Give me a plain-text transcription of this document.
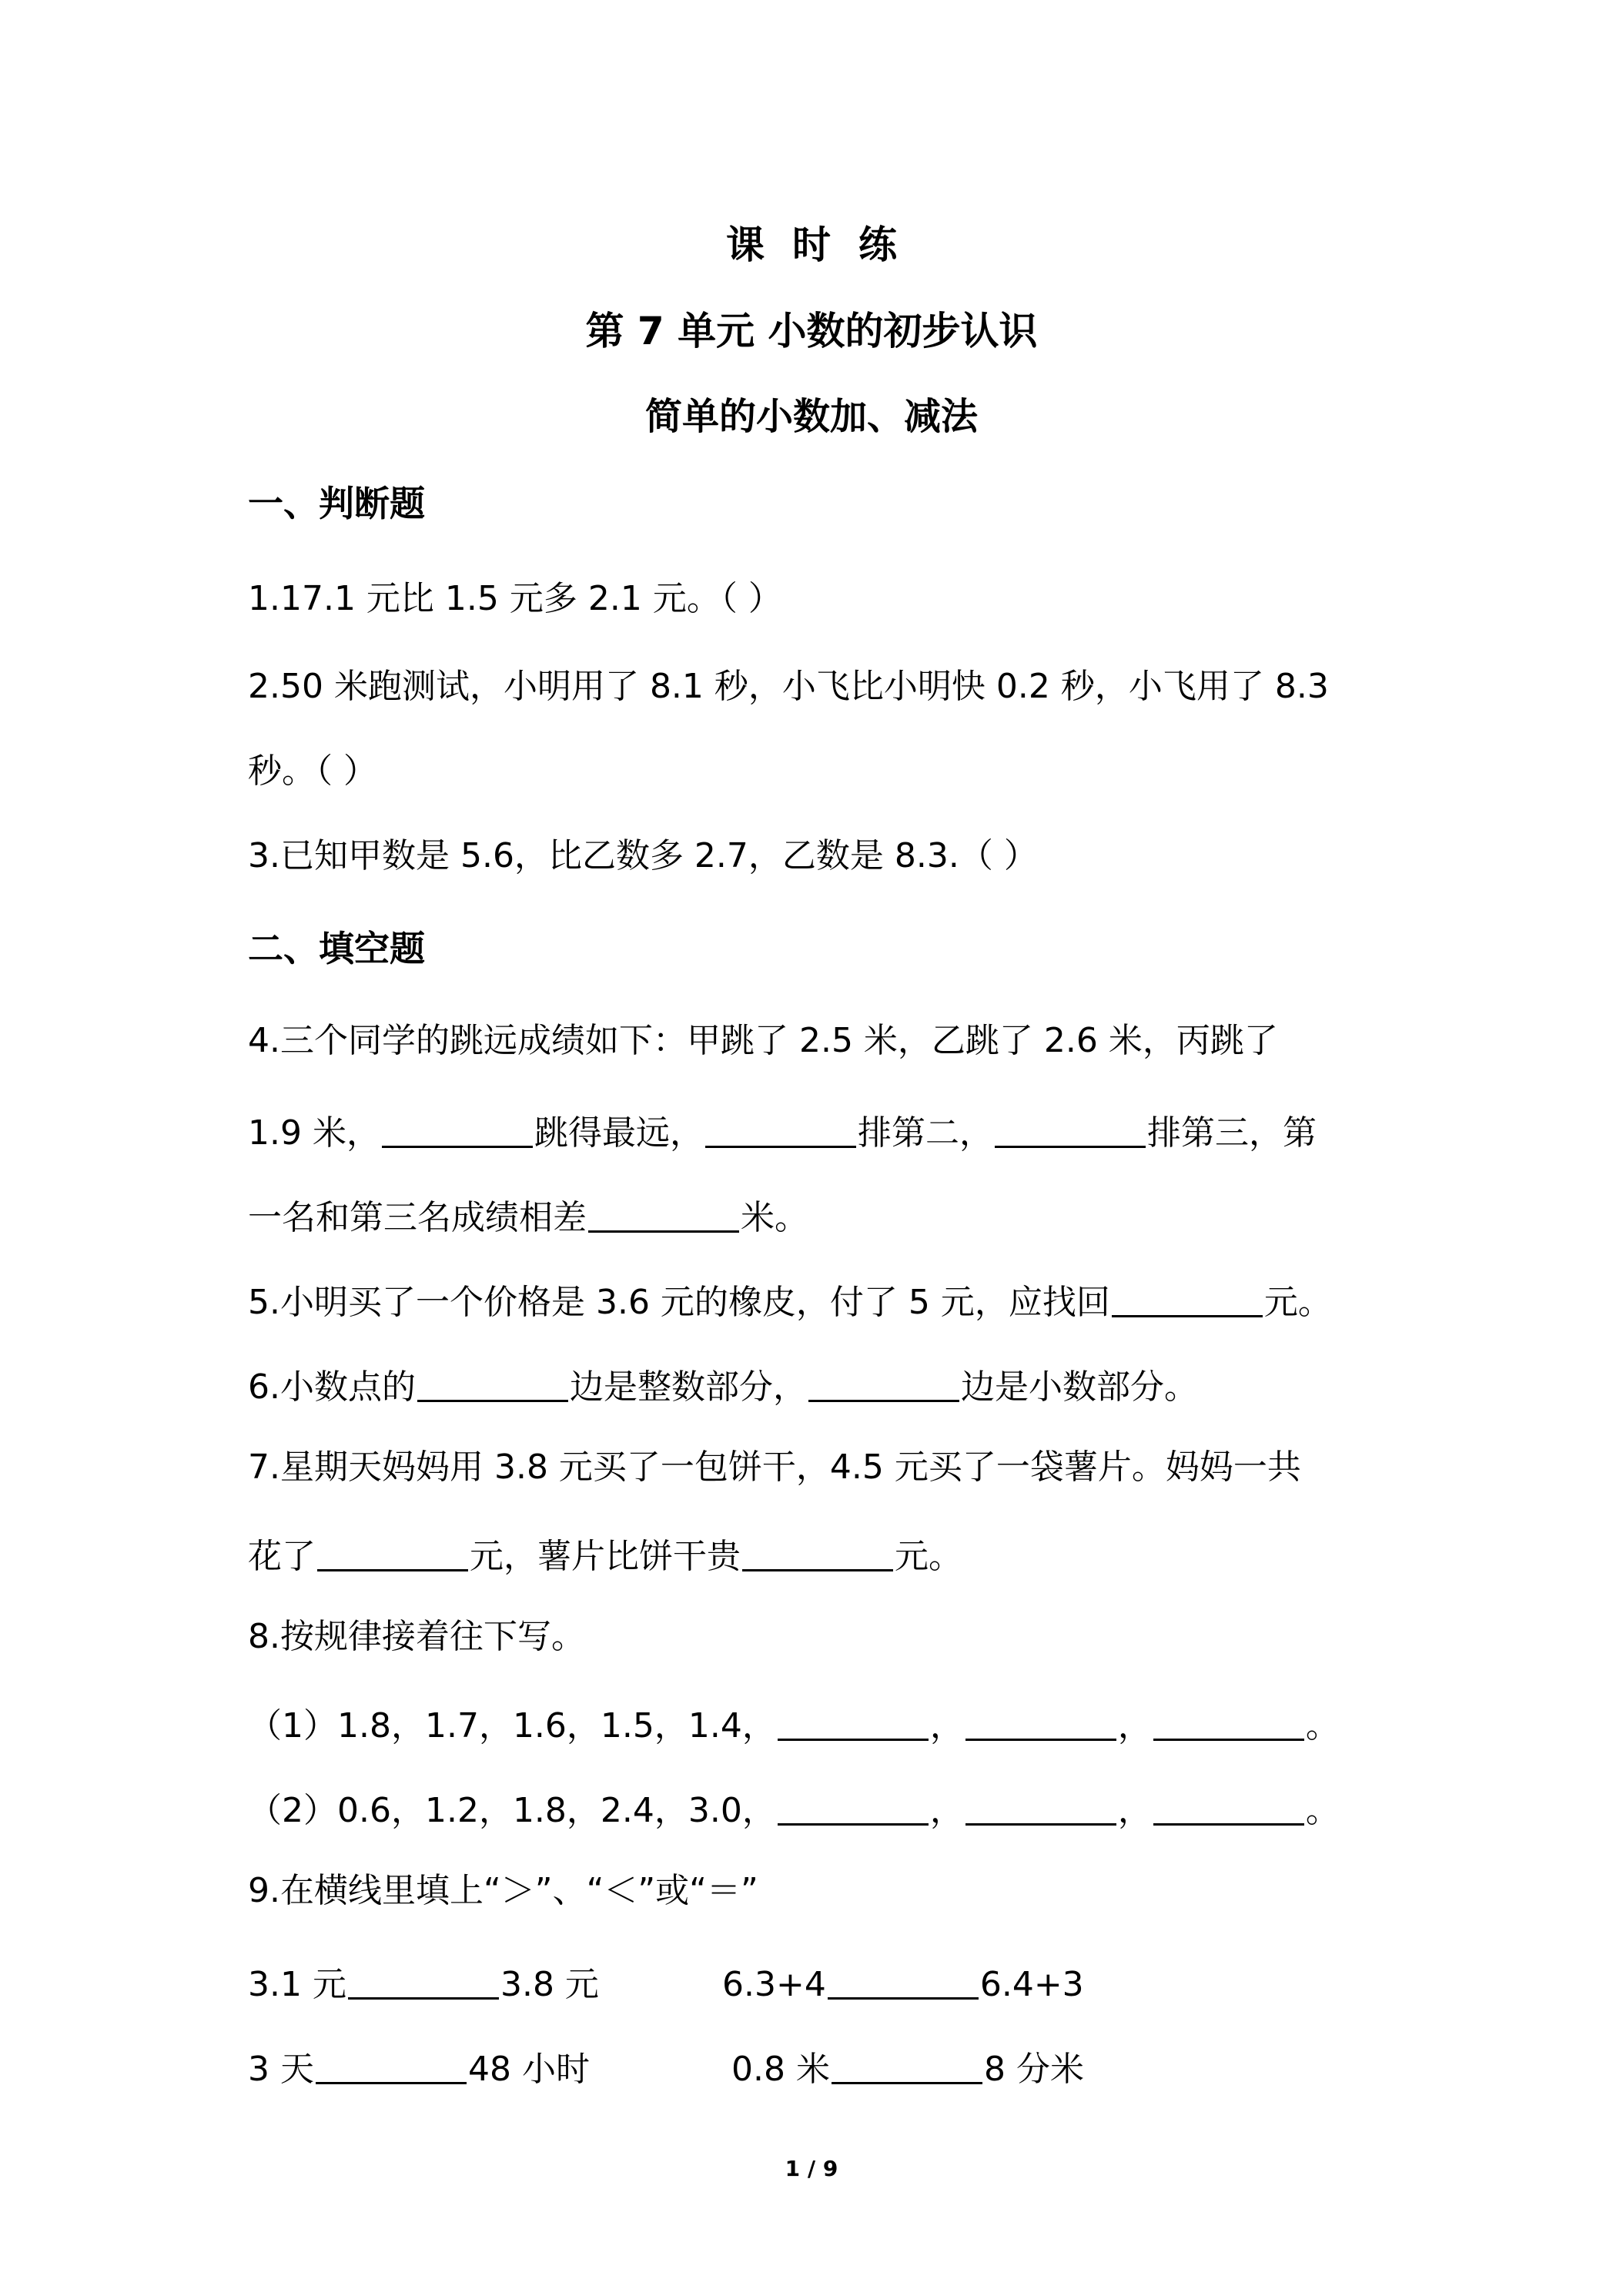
课时练
第 7 单元 小数的初步认识
简单的小数加、减法
一、判断题
1.17.1 元比 1.5 元多 2.1 元。（ ）
2.50 米跑测试，小明用了 8.1 秒，小飞比小明快 0.2 秒，小飞用了 8.3
秒。（ ）
3.已知甲数是 5.6，比乙数多 2.7，乙数是 8.3.（ ）
二、填空题
4.三个同学的跳远成绩如下：甲跳了 2.5 米，乙跳了 2.6 米，丙跳了
1.9 米，	跳得最远，	排第二，	排第三，第
一名和第三名成绩相差	米。
5.小明买了一个价格是 3.6 元的橡皮，付了 5 元，应找回	元。
6.小数点的	边是整数部分，	边是小数部分。
7.星期天妈妈用 3.8 元买了一包饼干，4.5 元买了一袋薯片。妈妈一共
花了	元，薯片比饼干贵	元。
8.按规律接着往下写。
（1）1.8，1.7，1.6，1.5，1.4，	，	，	。
（2）0.6，1.2，1.8，2.4，3.0，	，	，	。
9.在横线里填上“＞”、“＜”或“＝”
3.1 元	3.8 元	6.3+4	6.4+3
3 天	48 小时	0.8 米	8 分米
1 / 9
